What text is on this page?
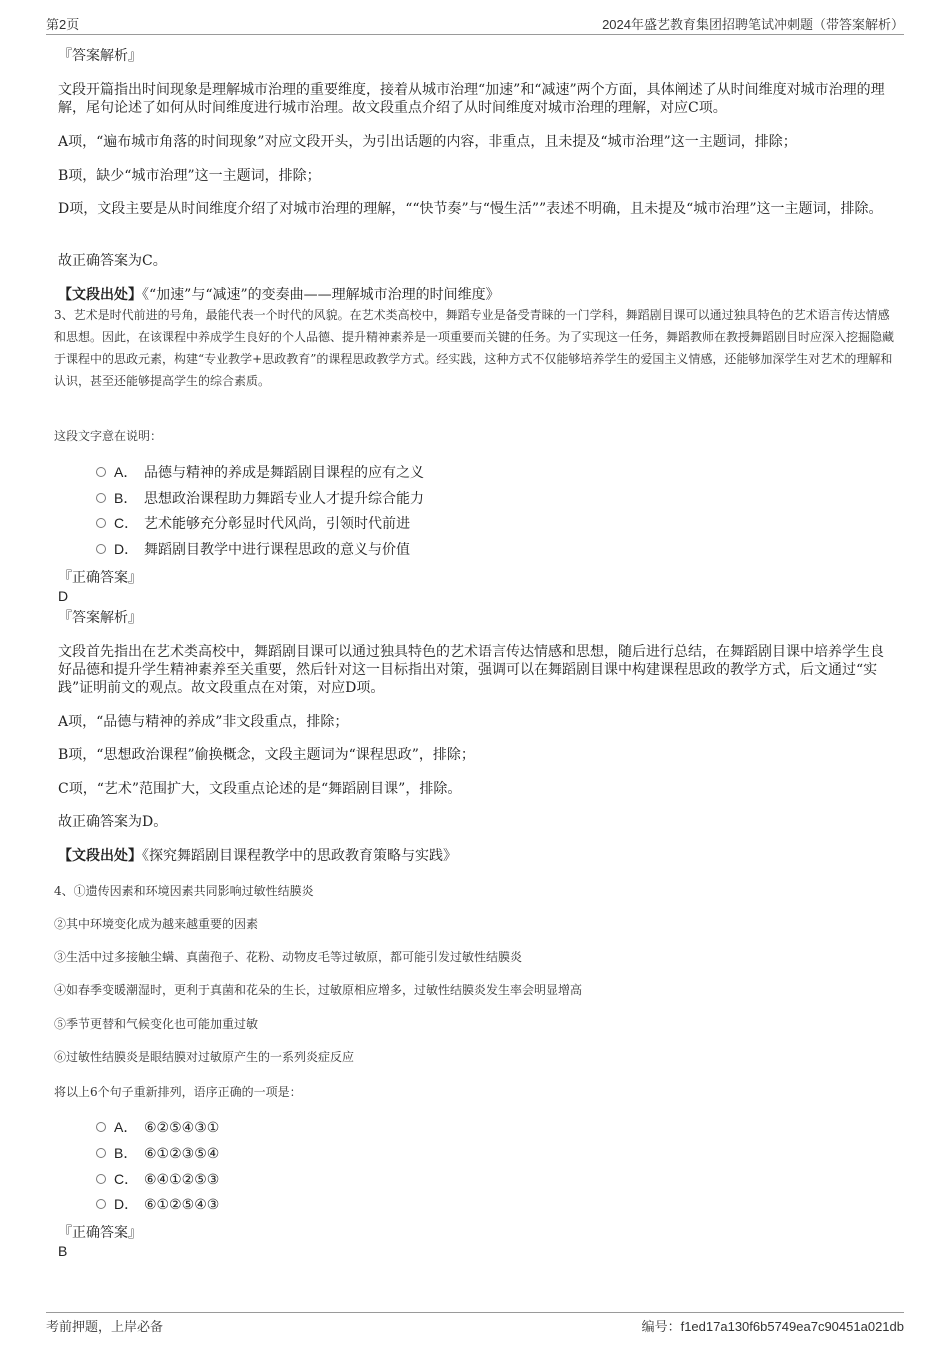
第2页	2024年盛艺教育集团招聘笔试冲刺题（带答案解析）

『答案解析』

文段开篇指出时间现象是理解城市治理的重要维度，接着从城市治理“加速”和“减速”两个方面，具体阐述了从时间维度对城市治理的理解，尾句论述了如何从时间维度进行城市治理。故文段重点介绍了从时间维度对城市治理的理解，对应C项。

A项，“遍布城市角落的时间现象”对应文段开头，为引出话题的内容，非重点，且未提及“城市治理”这一主题词，排除；

B项，缺少“城市治理”这一主题词，排除；

D项，文段主要是从时间维度介绍了对城市治理的理解，““快节奏”与“慢生活””表述不明确，且未提及“城市治理”这一主题词，排除。

故正确答案为C。

【文段出处】《“加速”与“减速”的变奏曲——理解城市治理的时间维度》

3、艺术是时代前进的号角，最能代表一个时代的风貌。在艺术类高校中，舞蹈专业是备受青睐的一门学科，舞蹈剧目课可以通过独具特色的艺术语言传达情感和思想。因此，在该课程中养成学生良好的个人品德、提升精神素养是一项重要而关键的任务。为了实现这一任务，舞蹈教师在教授舞蹈剧目时应深入挖掘隐藏于课程中的思政元素，构建“专业教学+思政教育”的课程思政教学方式。经实践，这种方式不仅能够培养学生的爱国主义情感，还能够加深学生对艺术的理解和认识，甚至还能够提高学生的综合素质。

这段文字意在说明：

A． 品德与精神的养成是舞蹈剧目课程的应有之义
B． 思想政治课程助力舞蹈专业人才提升综合能力
C． 艺术能够充分彰显时代风尚，引领时代前进
D． 舞蹈剧目教学中进行课程思政的意义与价值

『正确答案』

D

『答案解析』

文段首先指出在艺术类高校中，舞蹈剧目课可以通过独具特色的艺术语言传达情感和思想，随后进行总结，在舞蹈剧目课中培养学生良好品德和提升学生精神素养至关重要，然后针对这一目标指出对策，强调可以在舞蹈剧目课中构建课程思政的教学方式，后文通过“实践”证明前文的观点。故文段重点在对策，对应D项。

A项，“品德与精神的养成”非文段重点，排除；

B项，“思想政治课程”偷换概念，文段主题词为“课程思政”，排除；

C项，“艺术”范围扩大，文段重点论述的是“舞蹈剧目课”，排除。

故正确答案为D。

【文段出处】《探究舞蹈剧目课程教学中的思政教育策略与实践》

4、①遗传因素和环境因素共同影响过敏性结膜炎

②其中环境变化成为越来越重要的因素

③生活中过多接触尘螨、真菌孢子、花粉、动物皮毛等过敏原，都可能引发过敏性结膜炎

④如春季变暖潮湿时，更利于真菌和花朵的生长，过敏原相应增多，过敏性结膜炎发生率会明显增高

⑤季节更替和气候变化也可能加重过敏

⑥过敏性结膜炎是眼结膜对过敏原产生的一系列炎症反应

将以上6个句子重新排列，语序正确的一项是：

A． ⑥②⑤④③①
B． ⑥①②③⑤④
C． ⑥④①②⑤③
D． ⑥①②⑤④③

『正确答案』

B

考前押题，上岸必备	编号：f1ed17a130f6b5749ea7c90451a021db
